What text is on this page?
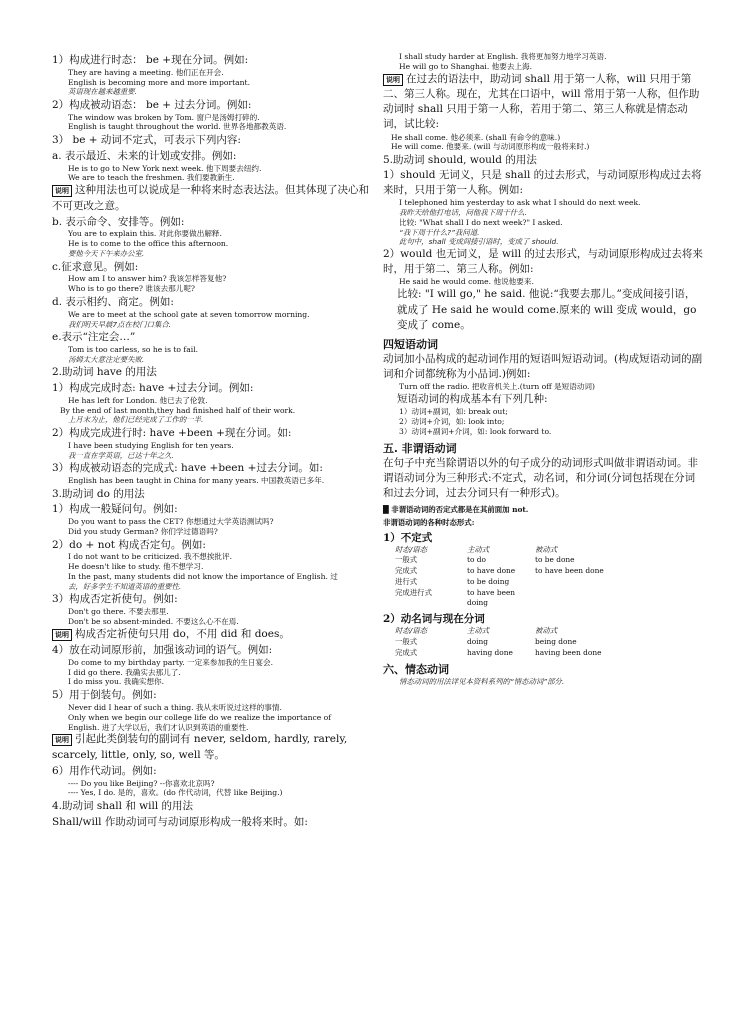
1）构成进行时态： be +现在分词。例如:
They are having a meeting. 他们正在开会.
English is becoming more and more important.
英语现在越来越重要.
2）构成被动语态： be + 过去分词。例如:
The window was broken by Tom. 窗户是汤姆打碎的.
English is taught throughout the world. 世界各地都教英语.
3） be + 动词不定式，可表示下列内容:
a. 表示最近、未来的计划或安排。例如:
He is to go to New York next week. 他下周要去纽约.
We are to teach the freshmen. 我们要教新生.
说明 这种用法也可以说成是一种将来时态表达法。但其体现了决心和不可更改之意。
b. 表示命令、安排等。例如:
You are to explain this. 对此你要做出解释.
He is to come to the office this afternoon.
要他今天下午来办公室.
c.征求意见。例如:
How am I to answer him? 我该怎样答复他?
Who is to go there? 谁该去那儿呢?
d. 表示相约、商定。例如:
We are to meet at the school gate at seven tomorrow morning.
我们明天早晨7点在校门口集合.
e.表示“注定会…”
Tom is too carless, so he is to fail.
汤姆太大意注定要失败.
2.助动词 have 的用法
1）构成完成时态: have +过去分词。例如:
He has left for London. 他已去了伦敦.
By the end of last month,they had finished half of their work.
上月末为止，他们已经完成了工作的一半.
2）构成完成进行时: have +been +现在分词。如:
I have been studying English for ten years.
我一直在学英语，已达十年之久.
3）构成被动语态的完成式: have +been +过去分词。如:
English has been taught in China for many years. 中国教英语已多年.
3.助动词 do 的用法
1）构成一般疑问句。例如:
Do you want to pass the CET? 你想通过大学英语测试吗?
Did you study German? 你们学过德语吗?
2）do + not 构成否定句。例如:
I do not want to be criticized. 我不想挨批评.
He doesn't like to study. 他不想学习.
In the past, many students did not know the importance of English. 过
去，好多学生不知道英语的重要性.
3）构成否定祈使句。例如:
Don't go there. 不要去那里.
Don't be so absent-minded. 不要这么心不在焉.
说明 构成否定祈使句只用 do，不用 did 和 does。
4）放在动词原形前，加强该动词的语气。例如:
Do come to my birthday party. 一定来参加我的生日宴会.
I did go there. 我确实去那儿了.
I do miss you. 我确实想你.
5）用于倒装句。例如:
Never did I hear of such a thing. 我从未听说过这样的事情.
Only when we begin our college life do we realize the importance of
English. 进了大学以后，我们才认识到英语的重要性.
说明 引起此类倒装句的副词有 never, seldom, hardly, rarely, scarcely, little, only, so, well 等。
6）用作代动词。例如:
---- Do you like Beijing? --你喜欢北京吗?
---- Yes, I do. 是的，喜欢。(do 作代动词，代替 like Beijing.)
4.助动词 shall 和 will 的用法
Shall/will 作助动词可与动词原形构成一般将来时。如:
I shall study harder at English. 我将更加努力地学习英语.
He will go to Shanghai. 他要去上海.
说明 在过去的语法中，助动词 shall 用于第一人称，will 只用于第二、第三人称。现在，尤其在口语中，will 常用于第一人称，但作助动词时 shall 只用于第一人称，若用于第二、第三人称就是情态动词，试比较:
He shall come. 他必须来. (shall 有命令的意味.)
He will come. 他要来. (will 与动词原形构成一般将来时.)
5.助动词 should, would 的用法
1）should 无词义，只是 shall 的过去形式，与动词原形构成过去将来时，只用于第一人称。例如:
I telephoned him yesterday to ask what I should do next week.
我昨天给他打电话，问他我下周干什么.
比较: "What shall I do next week?" I asked.
“我下周干什么?”我问道.
此句中，shall 变成间接引语时，变成了 should.
2）would 也无词义，是 will 的过去形式，与动词原形构成过去将来时，用于第二、第三人称。例如:
He said he would come. 他说他要来.
比较: "I will go," he said. 他说:“我要去那儿。”变成间接引语，就成了 He said he would come.原来的 will 变成 would，go 变成了 come。
四短语动词
动词加小品构成的起动词作用的短语叫短语动词。(构成短语动词的副词和介词都统称为小品词.)例如:
Turn off the radio. 把收音机关上.(turn off 是短语动词)
短语动词的构成基本有下列几种:
1）动词+副词，如: break out;
2）动词+介词，如: look into;
3）动词+副词+介词，如: look forward to.
五. 非谓语动词
在句子中充当除谓语以外的句子成分的动词形式叫做非谓语动词。非谓语动词分为三种形式:不定式，动名词，和分词(分词包括现在分词和过去分词，过去分词只有一种形式)。
█ 非谓语动词的否定式都是在其前面加 not.
非谓语动词的各种时态形式:
1）不定式
时态/语态	主动式	被动式
一般式	to do	to be done
完成式	to have done	to have been done
进行式	to be doing
完成进行式	to have been doing
2）动名词与现在分词
时态/语态	主动式	被动式
一般式	doing	being done
完成式	having done	having been done
六、情态动词
情态动词的用法详见本资料系列的“情态动词”部分.
